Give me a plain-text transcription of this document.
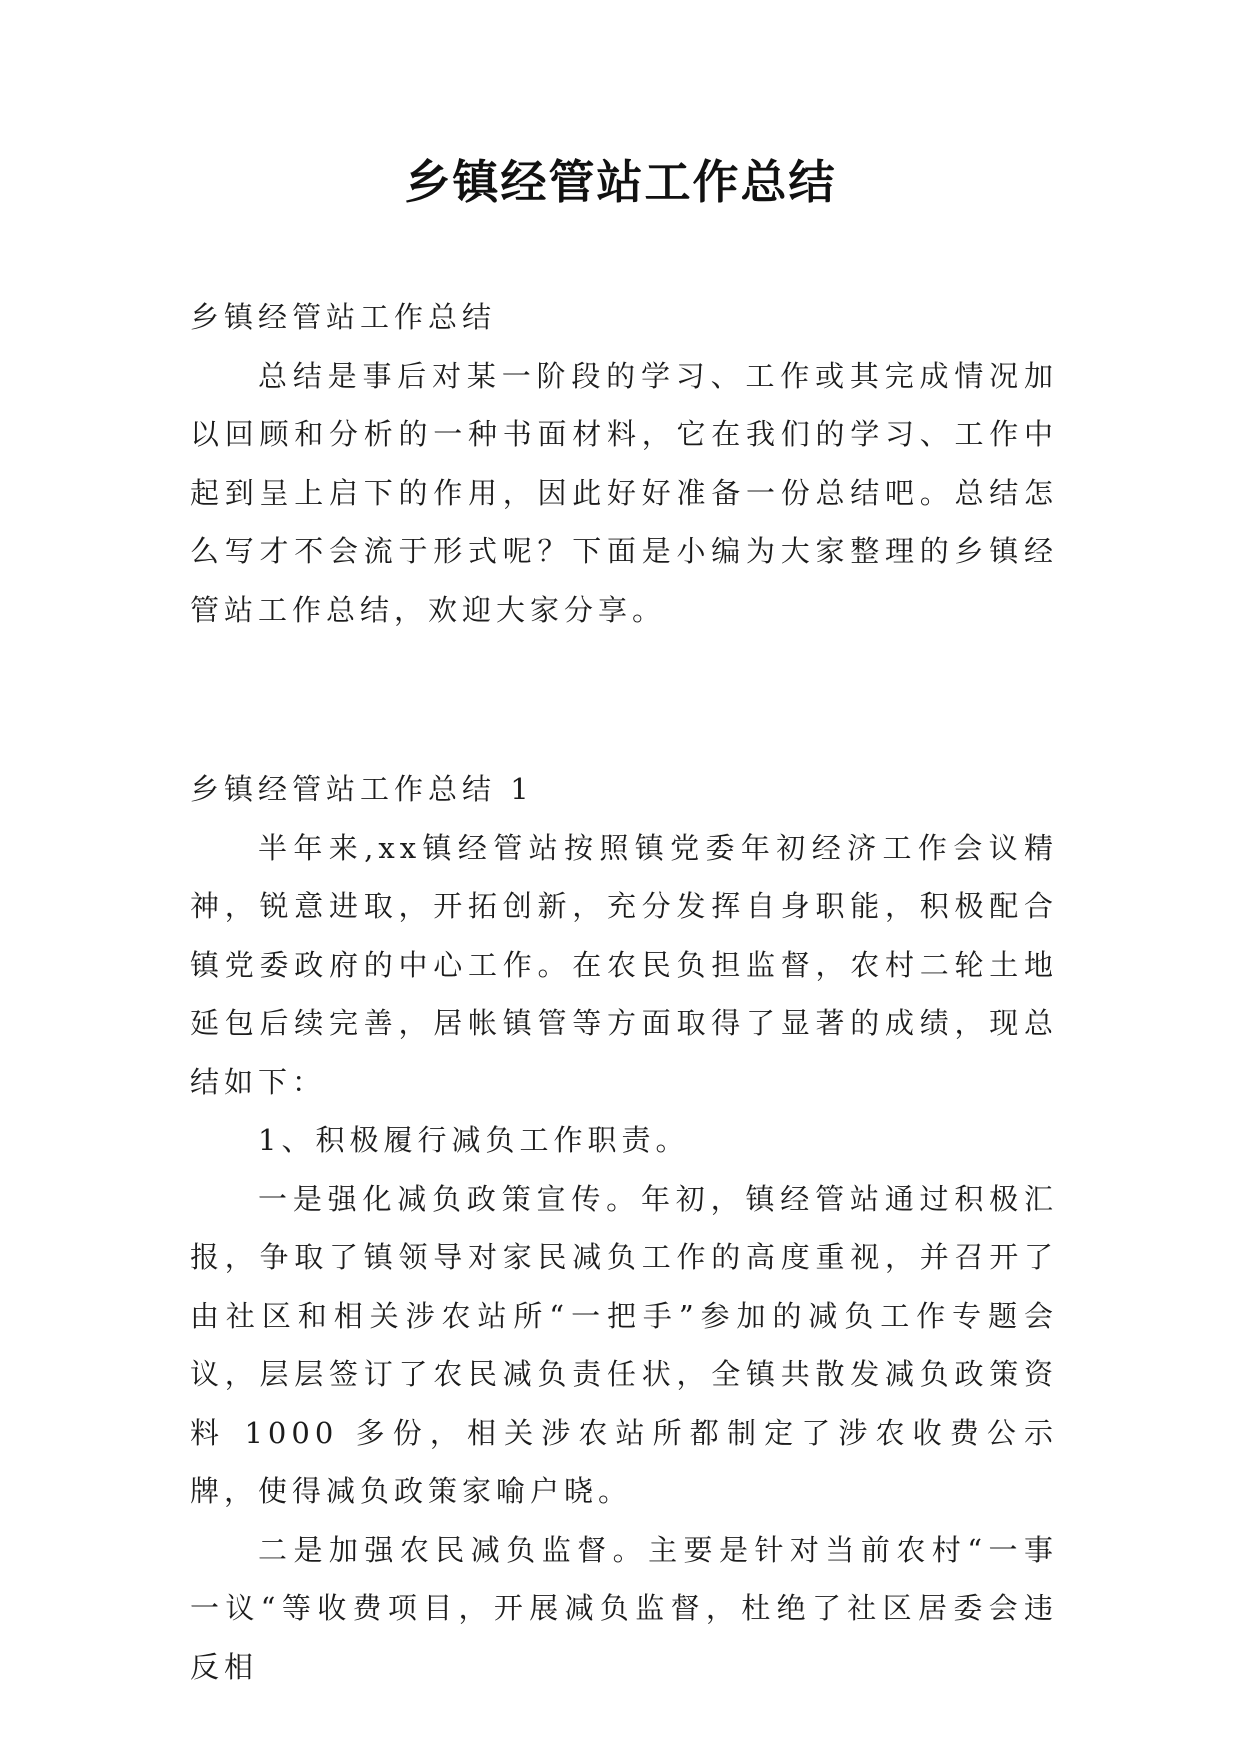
乡镇经管站工作总结

乡镇经管站工作总结

总结是事后对某一阶段的学习、工作或其完成情况加以回顾和分析的一种书面材料，它在我们的学习、工作中起到呈上启下的作用，因此好好准备一份总结吧。总结怎么写才不会流于形式呢？下面是小编为大家整理的乡镇经管站工作总结，欢迎大家分享。

乡镇经管站工作总结 1

半年来,xx镇经管站按照镇党委年初经济工作会议精神，锐意进取，开拓创新，充分发挥自身职能，积极配合镇党委政府的中心工作。在农民负担监督，农村二轮土地延包后续完善，居帐镇管等方面取得了显著的成绩，现总结如下：

1、积极履行减负工作职责。

一是强化减负政策宣传。年初，镇经管站通过积极汇报，争取了镇领导对家民减负工作的高度重视，并召开了由社区和相关涉农站所“一把手”参加的减负工作专题会议，层层签订了农民减负责任状，全镇共散发减负政策资料 1000 多份，相关涉农站所都制定了涉农收费公示牌，使得减负政策家喻户晓。

二是加强农民减负监督。主要是针对当前农村“一事一议“等收费项目，开展减负监督，杜绝了社区居委会违反相
